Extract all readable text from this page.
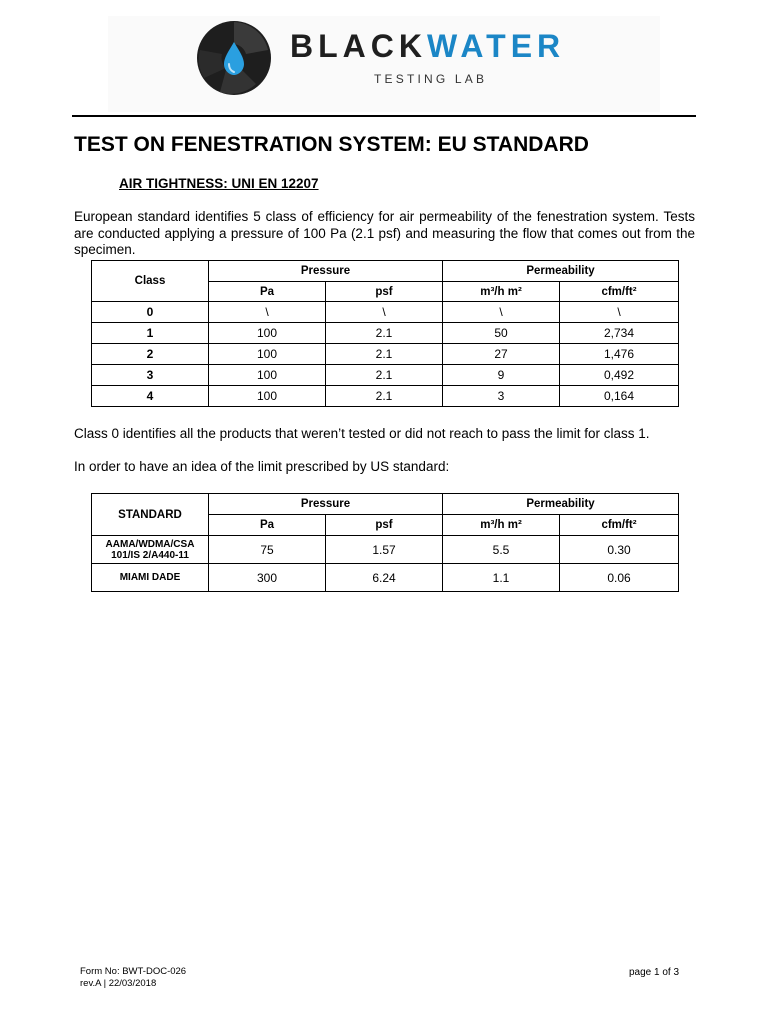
BLACKWATER
TESTING LAB
TEST ON FENESTRATION SYSTEM: EU STANDARD
AIR TIGHTNESS: UNI EN 12207
European standard identifies 5 class of efficiency for air permeability of the fenestration system. Tests are conducted applying a pressure of 100 Pa (2.1 psf) and measuring the flow that comes out from the specimen.
Class	Pressure		Permeability	
	Pa	psf	m³/h m²	cfm/ft²
0	\	\	\	\
1	100	2.1	50	2,734
2	100	2.1	27	1,476
3	100	2.1	9	0,492
4	100	2.1	3	0,164
Class 0 identifies all the products that weren’t tested or did not reach to pass the limit for class 1.
In order to have an idea of the limit prescribed by US standard:
STANDARD	Pressure		Permeability	
	Pa	psf	m³/h m²	cfm/ft²

AAMA/WDMA/CSA
101/IS 2/A440-11	75	1.57	5.5	0.30

MIAMI DADE	300	6.24	1.1	0.06
Form No: BWT-DOC-026
rev.A | 22/03/2018
page 1 of 3
